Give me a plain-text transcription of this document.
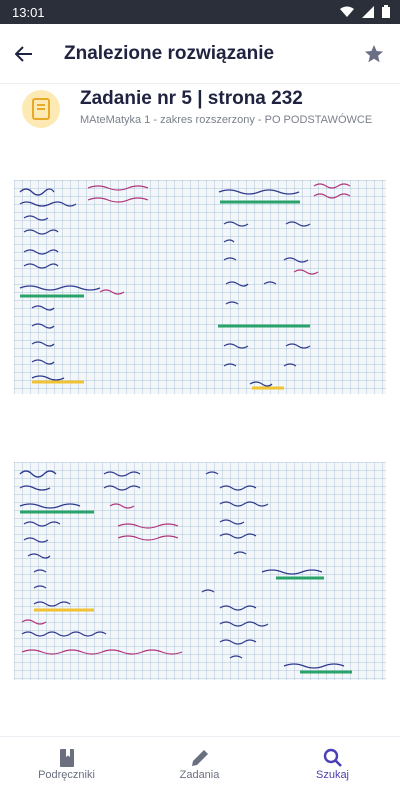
13:01
Znalezione rozwiązanie
Zadanie nr 5 | strona 232
MAteMatyka 1 - zakres rozszerzony - PO PODSTAWÓWCE
Podręczniki	Zadania	Szukaj
